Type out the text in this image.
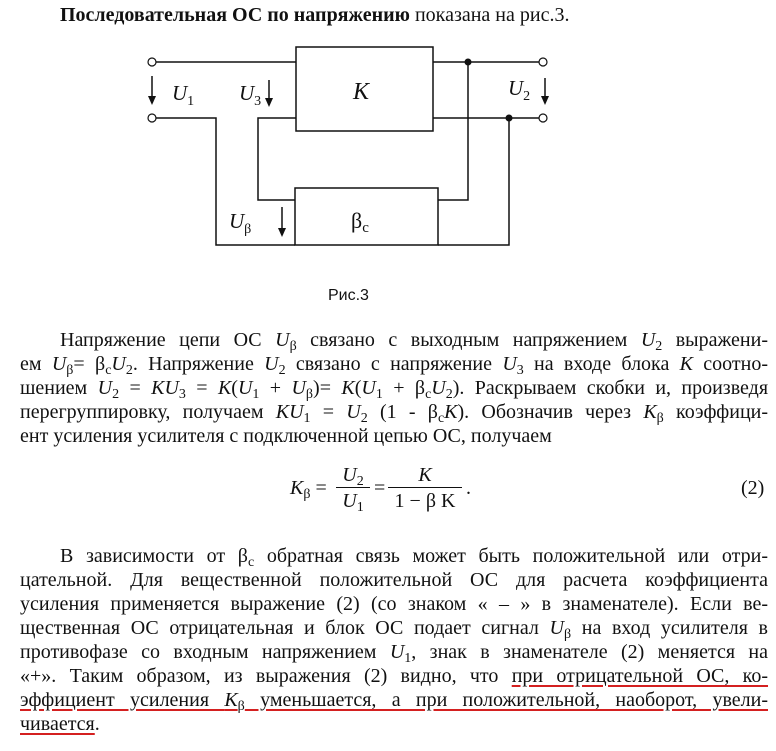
Последовательная ОС по напряжению показана на рис.3.
K
βc
$U_1$ $U_3$
$U_2$
$U_\beta$
Рис.3
Напряжение цепи ОС $U_\beta$ связано с выходным напряжением $U_2$ выражени-
ем $U_\beta= \beta_cU_2$. Напряжение $U_2$ связано с напряжение $U_3$ на входе блока K соотно-
шением $U_2 = KU_3 = K(U_1 + U_\beta)= K(U_1 + \beta_cU_2)$. Раскрываем скобки и, произведя
перегруппировку, получаем $KU_1 = U_2$ $(1 - \beta_cK)$. Обозначив через $K_\beta$ коэффици-
ент усиления усилителя с подключенной цепью ОС, получаем
$K_\beta = \frac{U_2}{U_1} = \frac{K}{\text{1 − β K}}$ .	(2)
В зависимости от $\beta_c$ обратная связь может быть положительной или отри-
цательной. Для вещественной положительной ОС для расчета коэффициента
усиления применяется выражение (2) (со знаком « – » в знаменателе). Если ве-
щественная ОС отрицательная и блок ОС подает сигнал $U_\beta$ на вход усилителя в
противофазе со входным напряжением $U_1$, знак в знаменателе (2) меняется на
«+». Таким образом, из выражения (2) видно, что при отрицательной ОС, ко-
эффициент усиления $K_\beta$ уменьшается, а при положительной, наоборот, увели-
чивается.
